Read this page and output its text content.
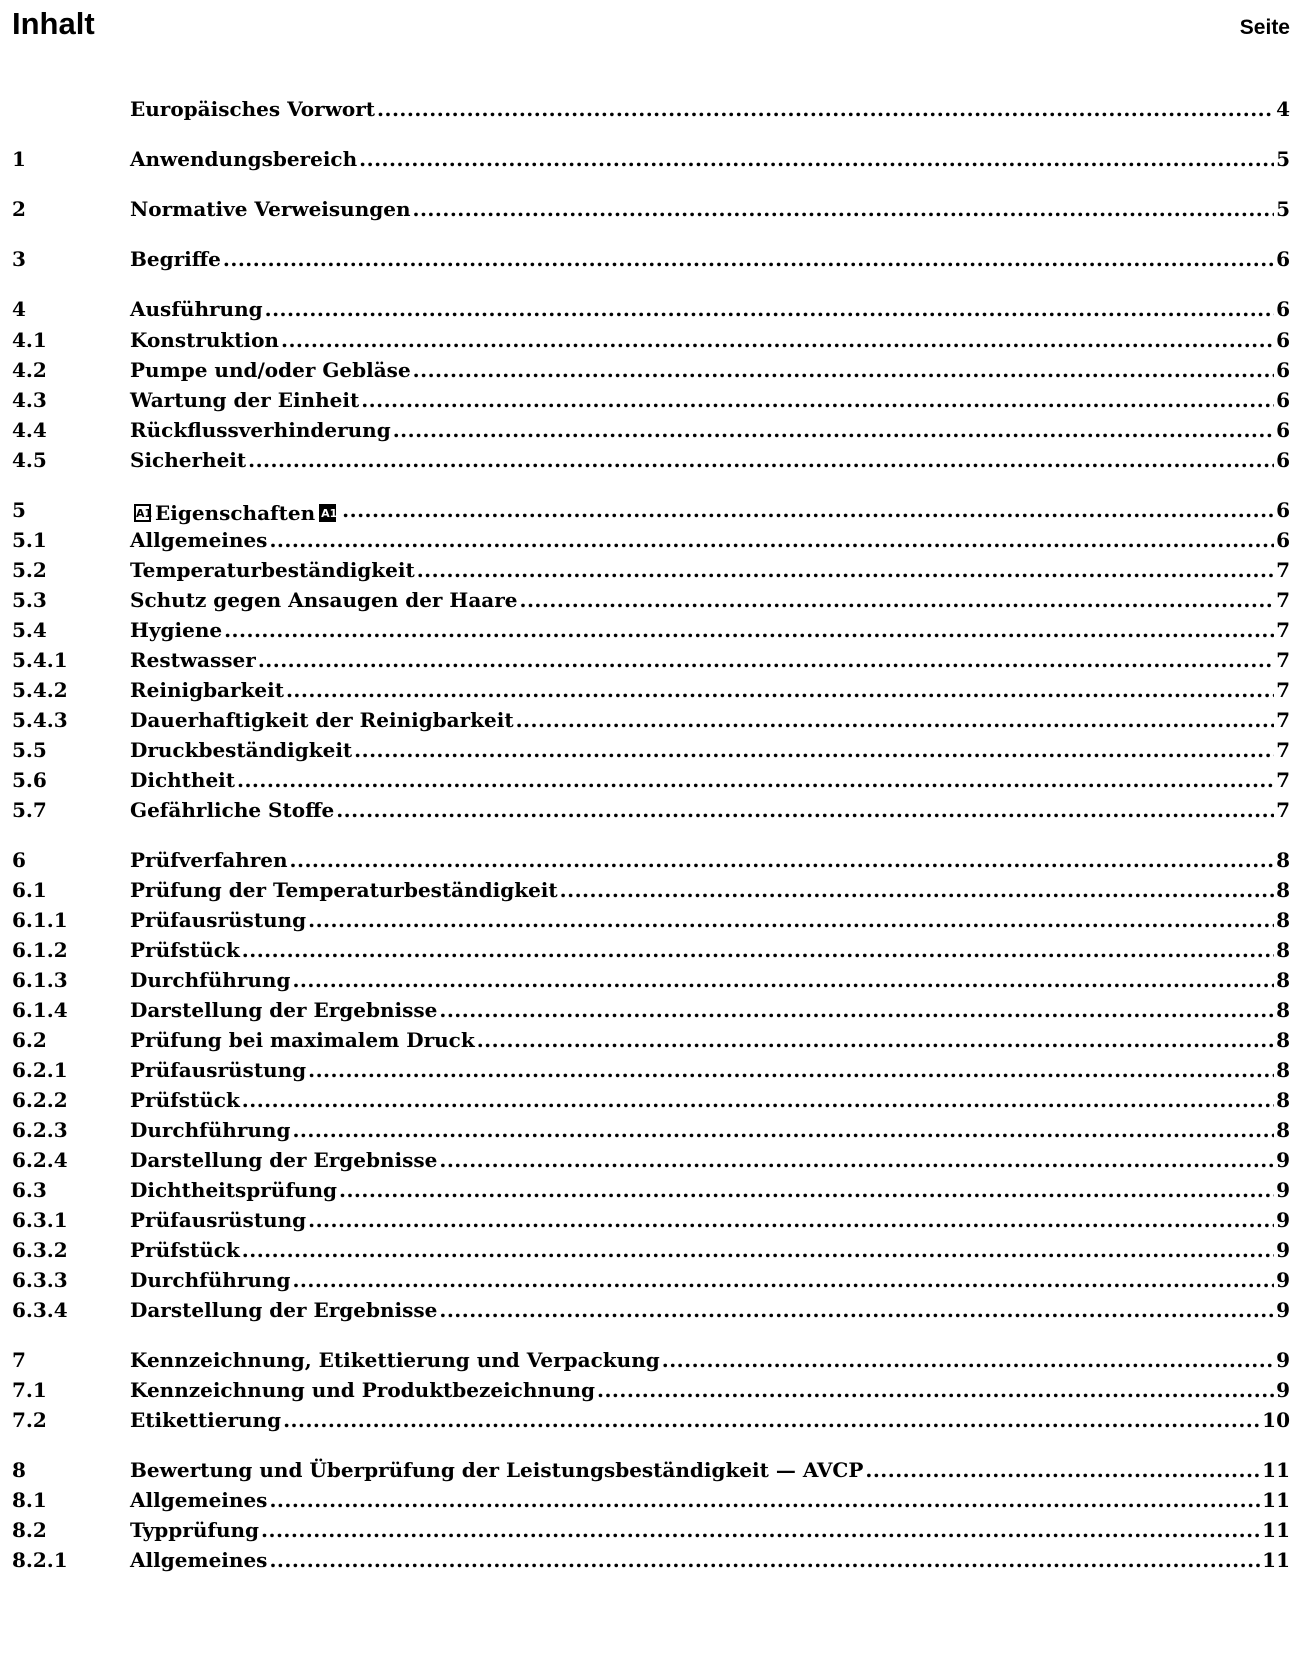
Inhalt	Seite
Europäisches Vorwort .....	4
1	Anwendungsbereich .....	5
2	Normative Verweisungen .....	5
3	Begriffe .....	6
4	Ausführung .....	6
4.1	Konstruktion .....	6
4.2	Pumpe und/oder Gebläse .....	6
4.3	Wartung der Einheit .....	6
4.4	Rückflussverhinderung .....	6
4.5	Sicherheit .....	6
5	A1 Eigenschaften A1 .....	6
5.1	Allgemeines .....	6
5.2	Temperaturbeständigkeit .....	7
5.3	Schutz gegen Ansaugen der Haare .....	7
5.4	Hygiene .....	7
5.4.1	Restwasser .....	7
5.4.2	Reinigbarkeit .....	7
5.4.3	Dauerhaftigkeit der Reinigbarkeit .....	7
5.5	Druckbeständigkeit .....	7
5.6	Dichtheit .....	7
5.7	Gefährliche Stoffe .....	7
6	Prüfverfahren .....	8
6.1	Prüfung der Temperaturbeständigkeit .....	8
6.1.1	Prüfausrüstung .....	8
6.1.2	Prüfstück .....	8
6.1.3	Durchführung .....	8
6.1.4	Darstellung der Ergebnisse .....	8
6.2	Prüfung bei maximalem Druck .....	8
6.2.1	Prüfausrüstung .....	8
6.2.2	Prüfstück .....	8
6.2.3	Durchführung .....	8
6.2.4	Darstellung der Ergebnisse .....	9
6.3	Dichtheitsprüfung .....	9
6.3.1	Prüfausrüstung .....	9
6.3.2	Prüfstück .....	9
6.3.3	Durchführung .....	9
6.3.4	Darstellung der Ergebnisse .....	9
7	Kennzeichnung, Etikettierung und Verpackung .....	9
7.1	Kennzeichnung und Produktbezeichnung .....	9
7.2	Etikettierung .....	10
8	Bewertung und Überprüfung der Leistungsbeständigkeit — AVCP .....	11
8.1	Allgemeines .....	11
8.2	Typprüfung .....	11
8.2.1	Allgemeines .....	11
